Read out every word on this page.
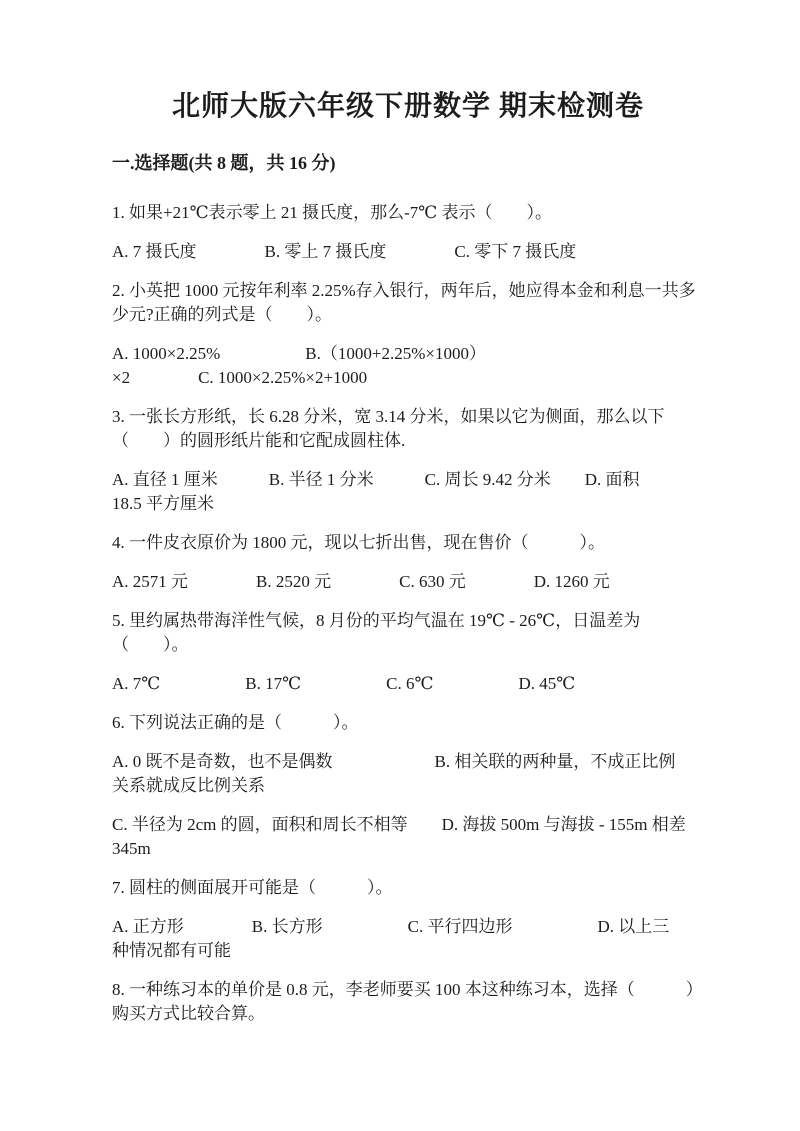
北师大版六年级下册数学 期末检测卷
一.选择题(共 8 题，共 16 分)
1. 如果+21℃表示零上 21 摄氏度，那么-7℃ 表示（　　）。
A. 7 摄氏度　　　　B. 零上 7 摄氏度　　　　C. 零下 7 摄氏度
2. 小英把 1000 元按年利率 2.25%存入银行，两年后，她应得本金和利息一共多
少元?正确的列式是（　　）。
A. 1000×2.25%　　　　　B.（1000+2.25%×1000）
×2　　　　C. 1000×2.25%×2+1000
3. 一张长方形纸，长 6.28 分米，宽 3.14 分米，如果以它为侧面，那么以下
（　　）的圆形纸片能和它配成圆柱体.
A. 直径 1 厘米　　　B. 半径 1 分米　　　C. 周长 9.42 分米　　D. 面积
18.5 平方厘米
4. 一件皮衣原价为 1800 元，现以七折出售，现在售价（　　　）。
A. 2571 元　　　　B. 2520 元　　　　C. 630 元　　　　D. 1260 元
5. 里约属热带海洋性气候，8 月份的平均气温在 19℃ - 26℃，日温差为
（　　）。
A. 7℃　　　　　B. 17℃　　　　　C. 6℃　　　　　D. 45℃
6. 下列说法正确的是（　　　）。
A. 0 既不是奇数，也不是偶数　　　　　　B. 相关联的两种量，不成正比例
关系就成反比例关系
C. 半径为 2cm 的圆，面积和周长不相等　　D. 海拔 500m 与海拔 - 155m 相差
345m
7. 圆柱的侧面展开可能是（　　　）。
A. 正方形　　　　B. 长方形　　　　　C. 平行四边形　　　　　D. 以上三
种情况都有可能
8. 一种练习本的单价是 0.8 元，李老师要买 100 本这种练习本，选择（　　　）
购买方式比较合算。
